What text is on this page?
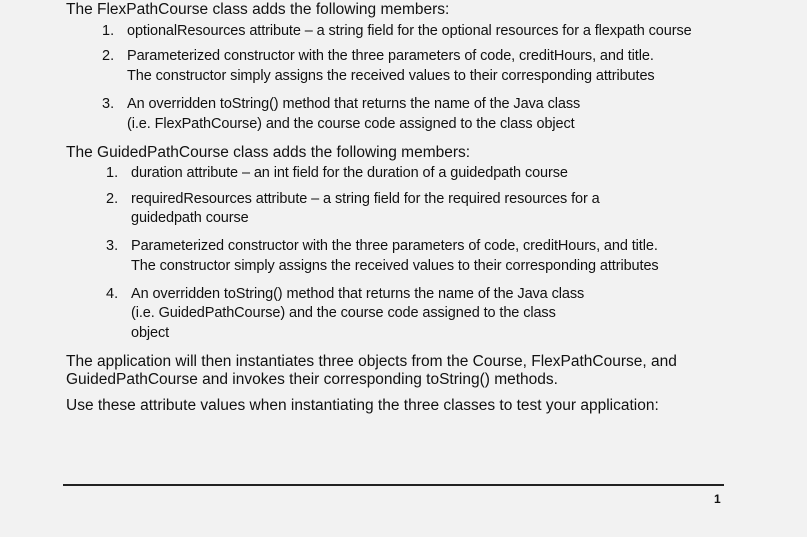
The FlexPathCourse class adds the following members:
1. optionalResources attribute – a string field for the optional resources for a flexpath course
2. Parameterized constructor with the three parameters of code, creditHours, and title.
The constructor simply assigns the received values to their corresponding attributes
3. An overridden toString() method that returns the name of the Java class
(i.e. FlexPathCourse) and the course code assigned to the class object
The GuidedPathCourse class adds the following members:
1. duration attribute – an int field for the duration of a guidedpath course
2. requiredResources attribute – a string field for the required resources for a
guidedpath course
3. Parameterized constructor with the three parameters of code, creditHours, and title.
The constructor simply assigns the received values to their corresponding attributes
4. An overridden toString() method that returns the name of the Java class
(i.e. GuidedPathCourse) and the course code assigned to the class
object
The application will then instantiates three objects from the Course, FlexPathCourse, and
GuidedPathCourse and invokes their corresponding toString() methods.
Use these attribute values when instantiating the three classes to test your application:
1
